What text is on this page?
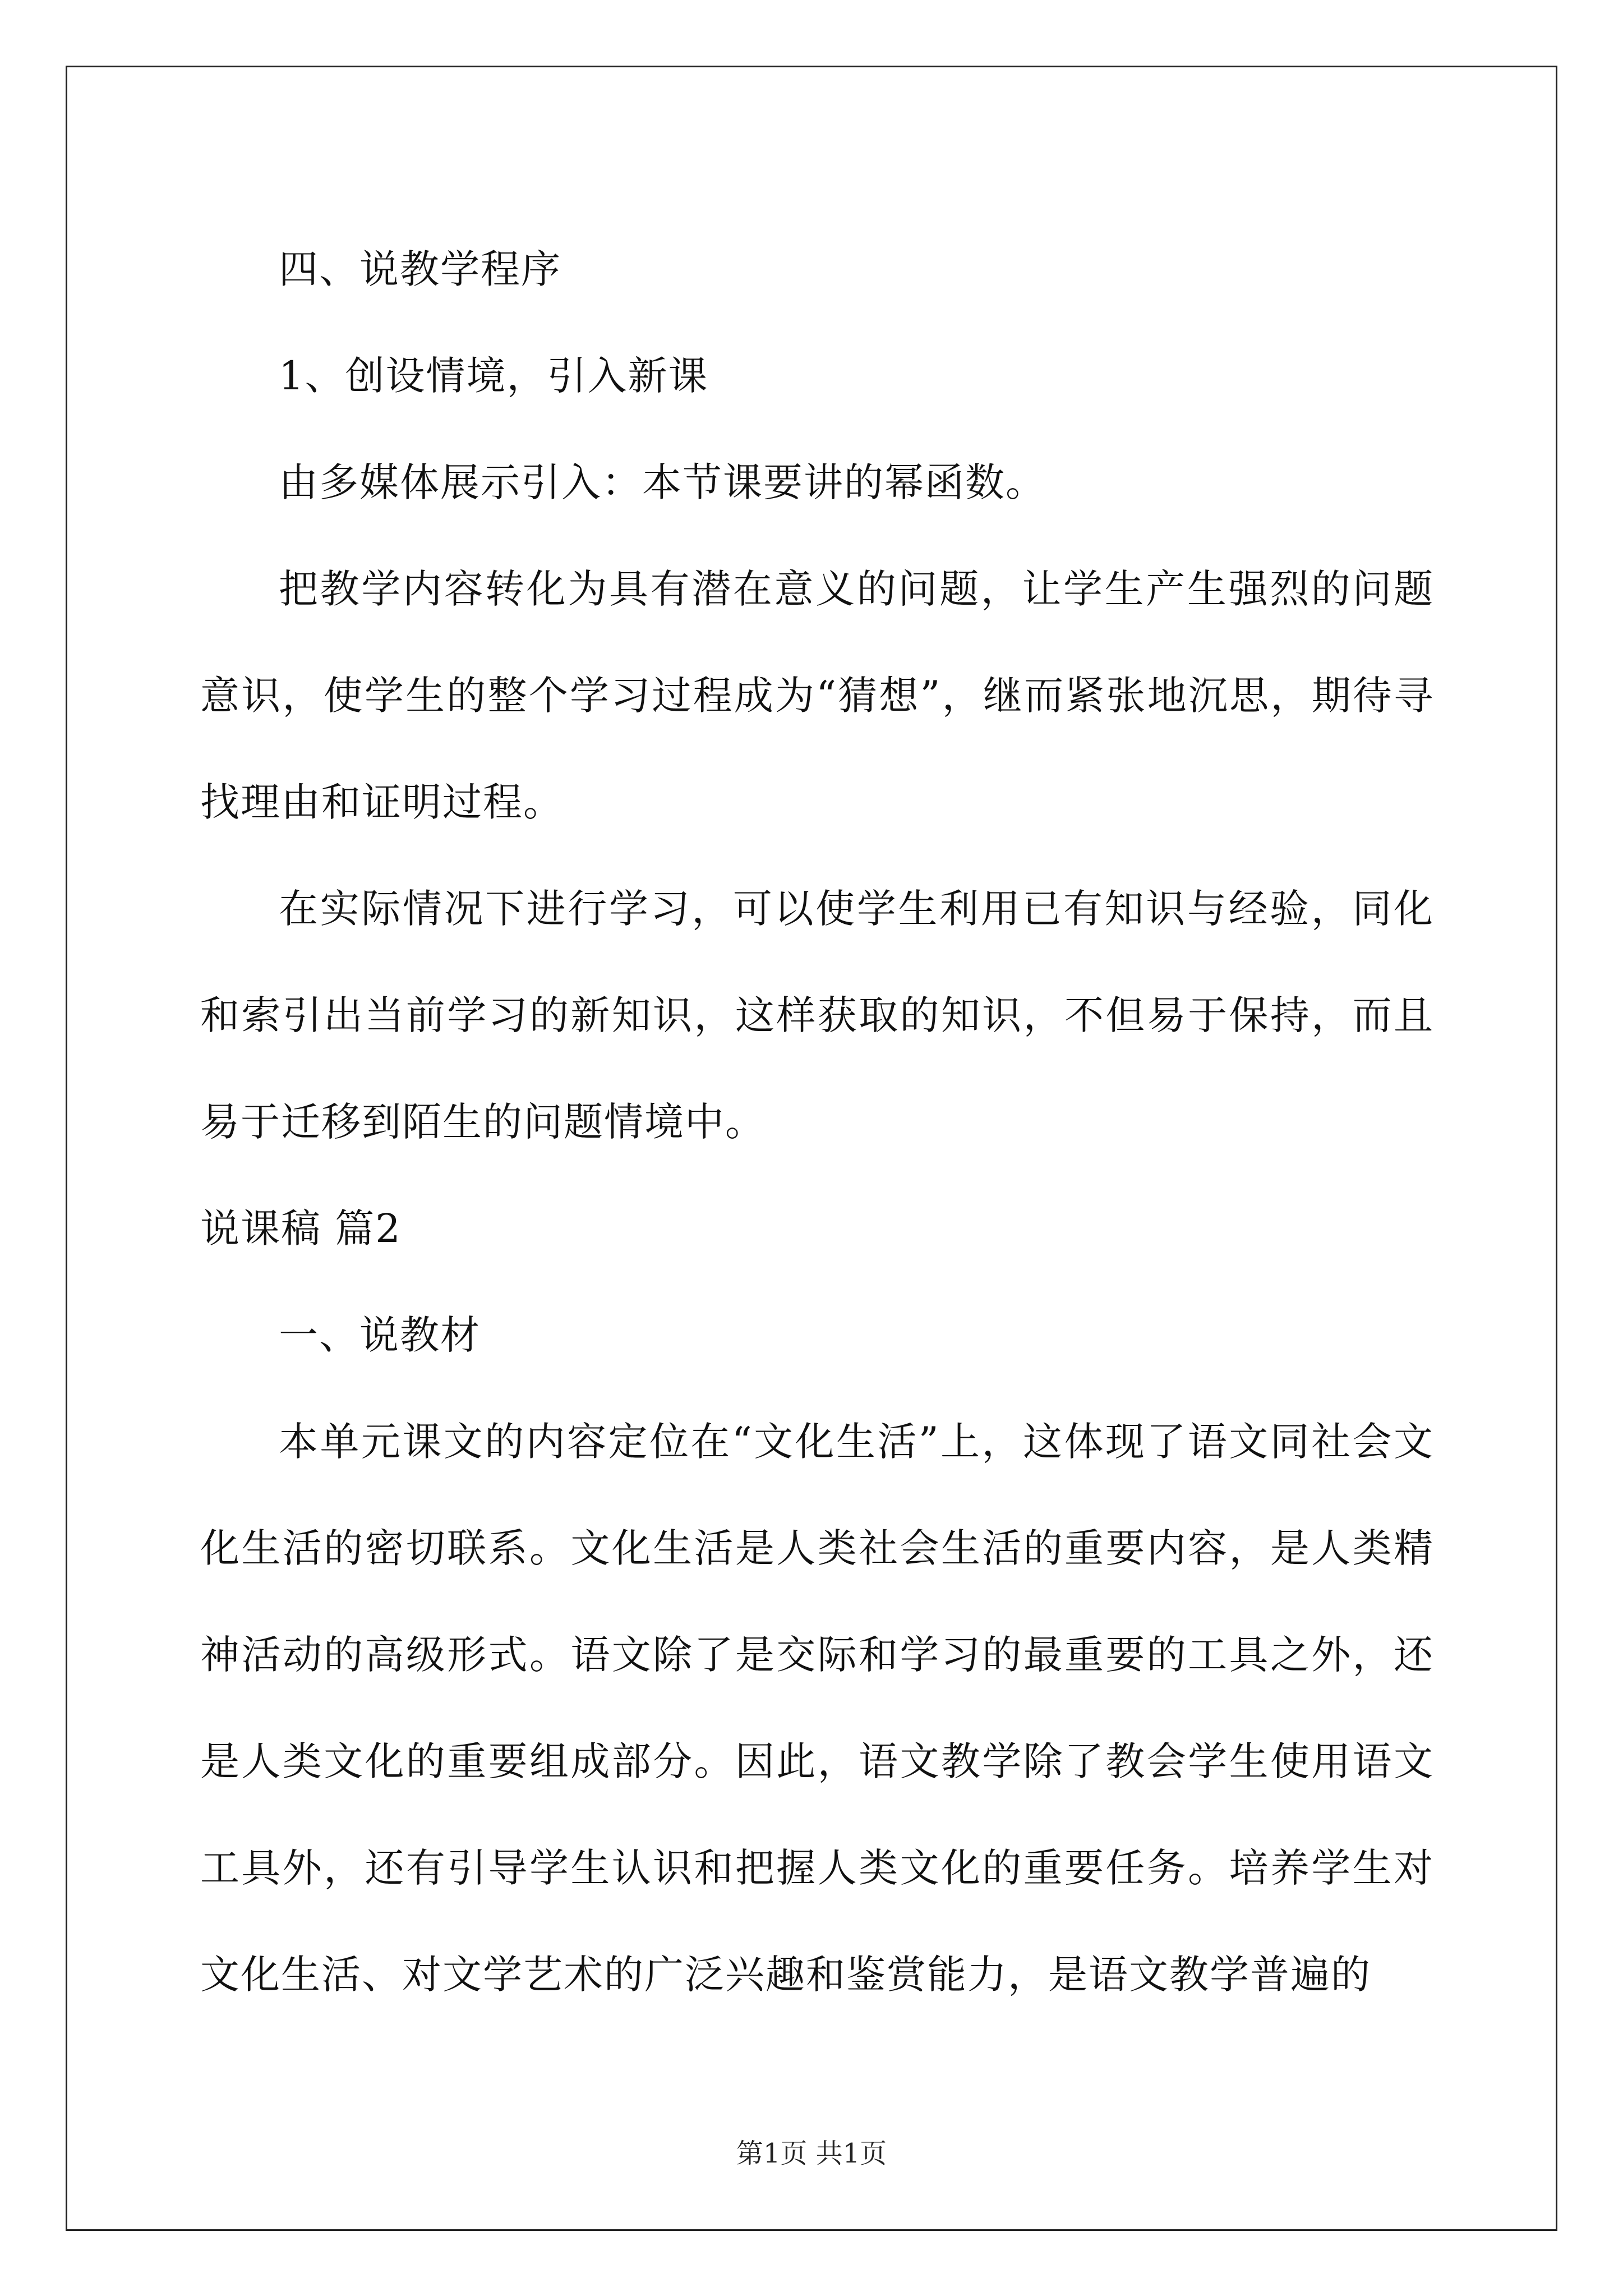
四、说教学程序

1、创设情境，引入新课

由多媒体展示引入：本节课要讲的幂函数。

把教学内容转化为具有潜在意义的问题，让学生产生强烈的问题意识，使学生的整个学习过程成为“猜想”，继而紧张地沉思，期待寻找理由和证明过程。

在实际情况下进行学习，可以使学生利用已有知识与经验，同化和索引出当前学习的新知识，这样获取的知识，不但易于保持，而且易于迁移到陌生的问题情境中。

说课稿 篇2

一、说教材

本单元课文的内容定位在“文化生活”上，这体现了语文同社会文化生活的密切联系。文化生活是人类社会生活的重要内容，是人类精神活动的高级形式。语文除了是交际和学习的最重要的工具之外，还是人类文化的重要组成部分。因此，语文教学除了教会学生使用语文工具外，还有引导学生认识和把握人类文化的重要任务。培养学生对文化生活、对文学艺术的广泛兴趣和鉴赏能力，是语文教学普遍的

第1页 共1页
